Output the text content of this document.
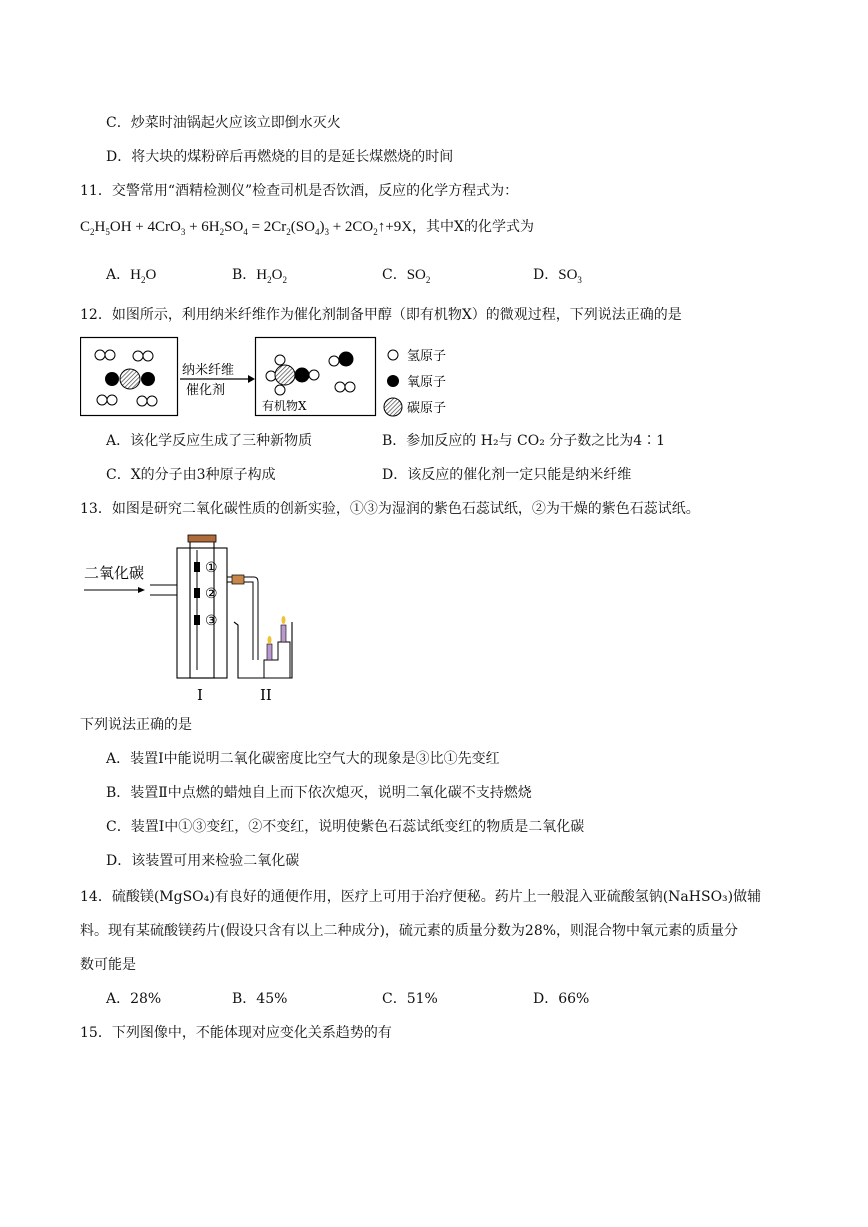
C．炒菜时油锅起火应该立即倒水灭火
D．将大块的煤粉碎后再燃烧的目的是延长煤燃烧的时间
11．交警常用“酒精检测仪”检查司机是否饮酒，反应的化学方程式为：
$C_2H_5OH + 4CrO_3 + 6H_2SO_4 = 2Cr_2(SO_4)_3$ + $2CO_2↑+9X$，其中X的化学式为
A．$H_2O$	B．$H_2O_2$	C．$SO_2$	D．$SO_3$
12．如图所示，利用纳米纤维作为催化剂制备甲醇（即有机物X）的微观过程，下列说法正确的是
纳米纤维
催化剂
有机物X
氢原子
氧原子
碳原子
A．该化学反应生成了三种新物质	B．参加反应的 H₂与 CO₂ 分子数之比为4∶1
C．X的分子由3种原子构成	D．该反应的催化剂一定只能是纳米纤维
13．如图是研究二氧化碳性质的创新实验，①③为湿润的紫色石蕊试纸，②为干燥的紫色石蕊试纸。
二氧化碳	①
②
③
I	II
下列说法正确的是
A．装置Ⅰ中能说明二氧化碳密度比空气大的现象是③比①先变红
B．装置Ⅱ中点燃的蜡烛自上而下依次熄灭，说明二氧化碳不支持燃烧
C．装置Ⅰ中①③变红，②不变红，说明使紫色石蕊试纸变红的物质是二氧化碳
D．该装置可用来检验二氧化碳
14．硫酸镁(MgSO₄)有良好的通便作用，医疗上可用于治疗便秘。药片上一般混入亚硫酸氢钠(NaHSO₃)做辅
料。现有某硫酸镁药片(假设只含有以上二种成分)，硫元素的质量分数为28%，则混合物中氧元素的质量分
数可能是
A．28%	B．45%	C．51%	D．66%
15．下列图像中，不能体现对应变化关系趋势的有
